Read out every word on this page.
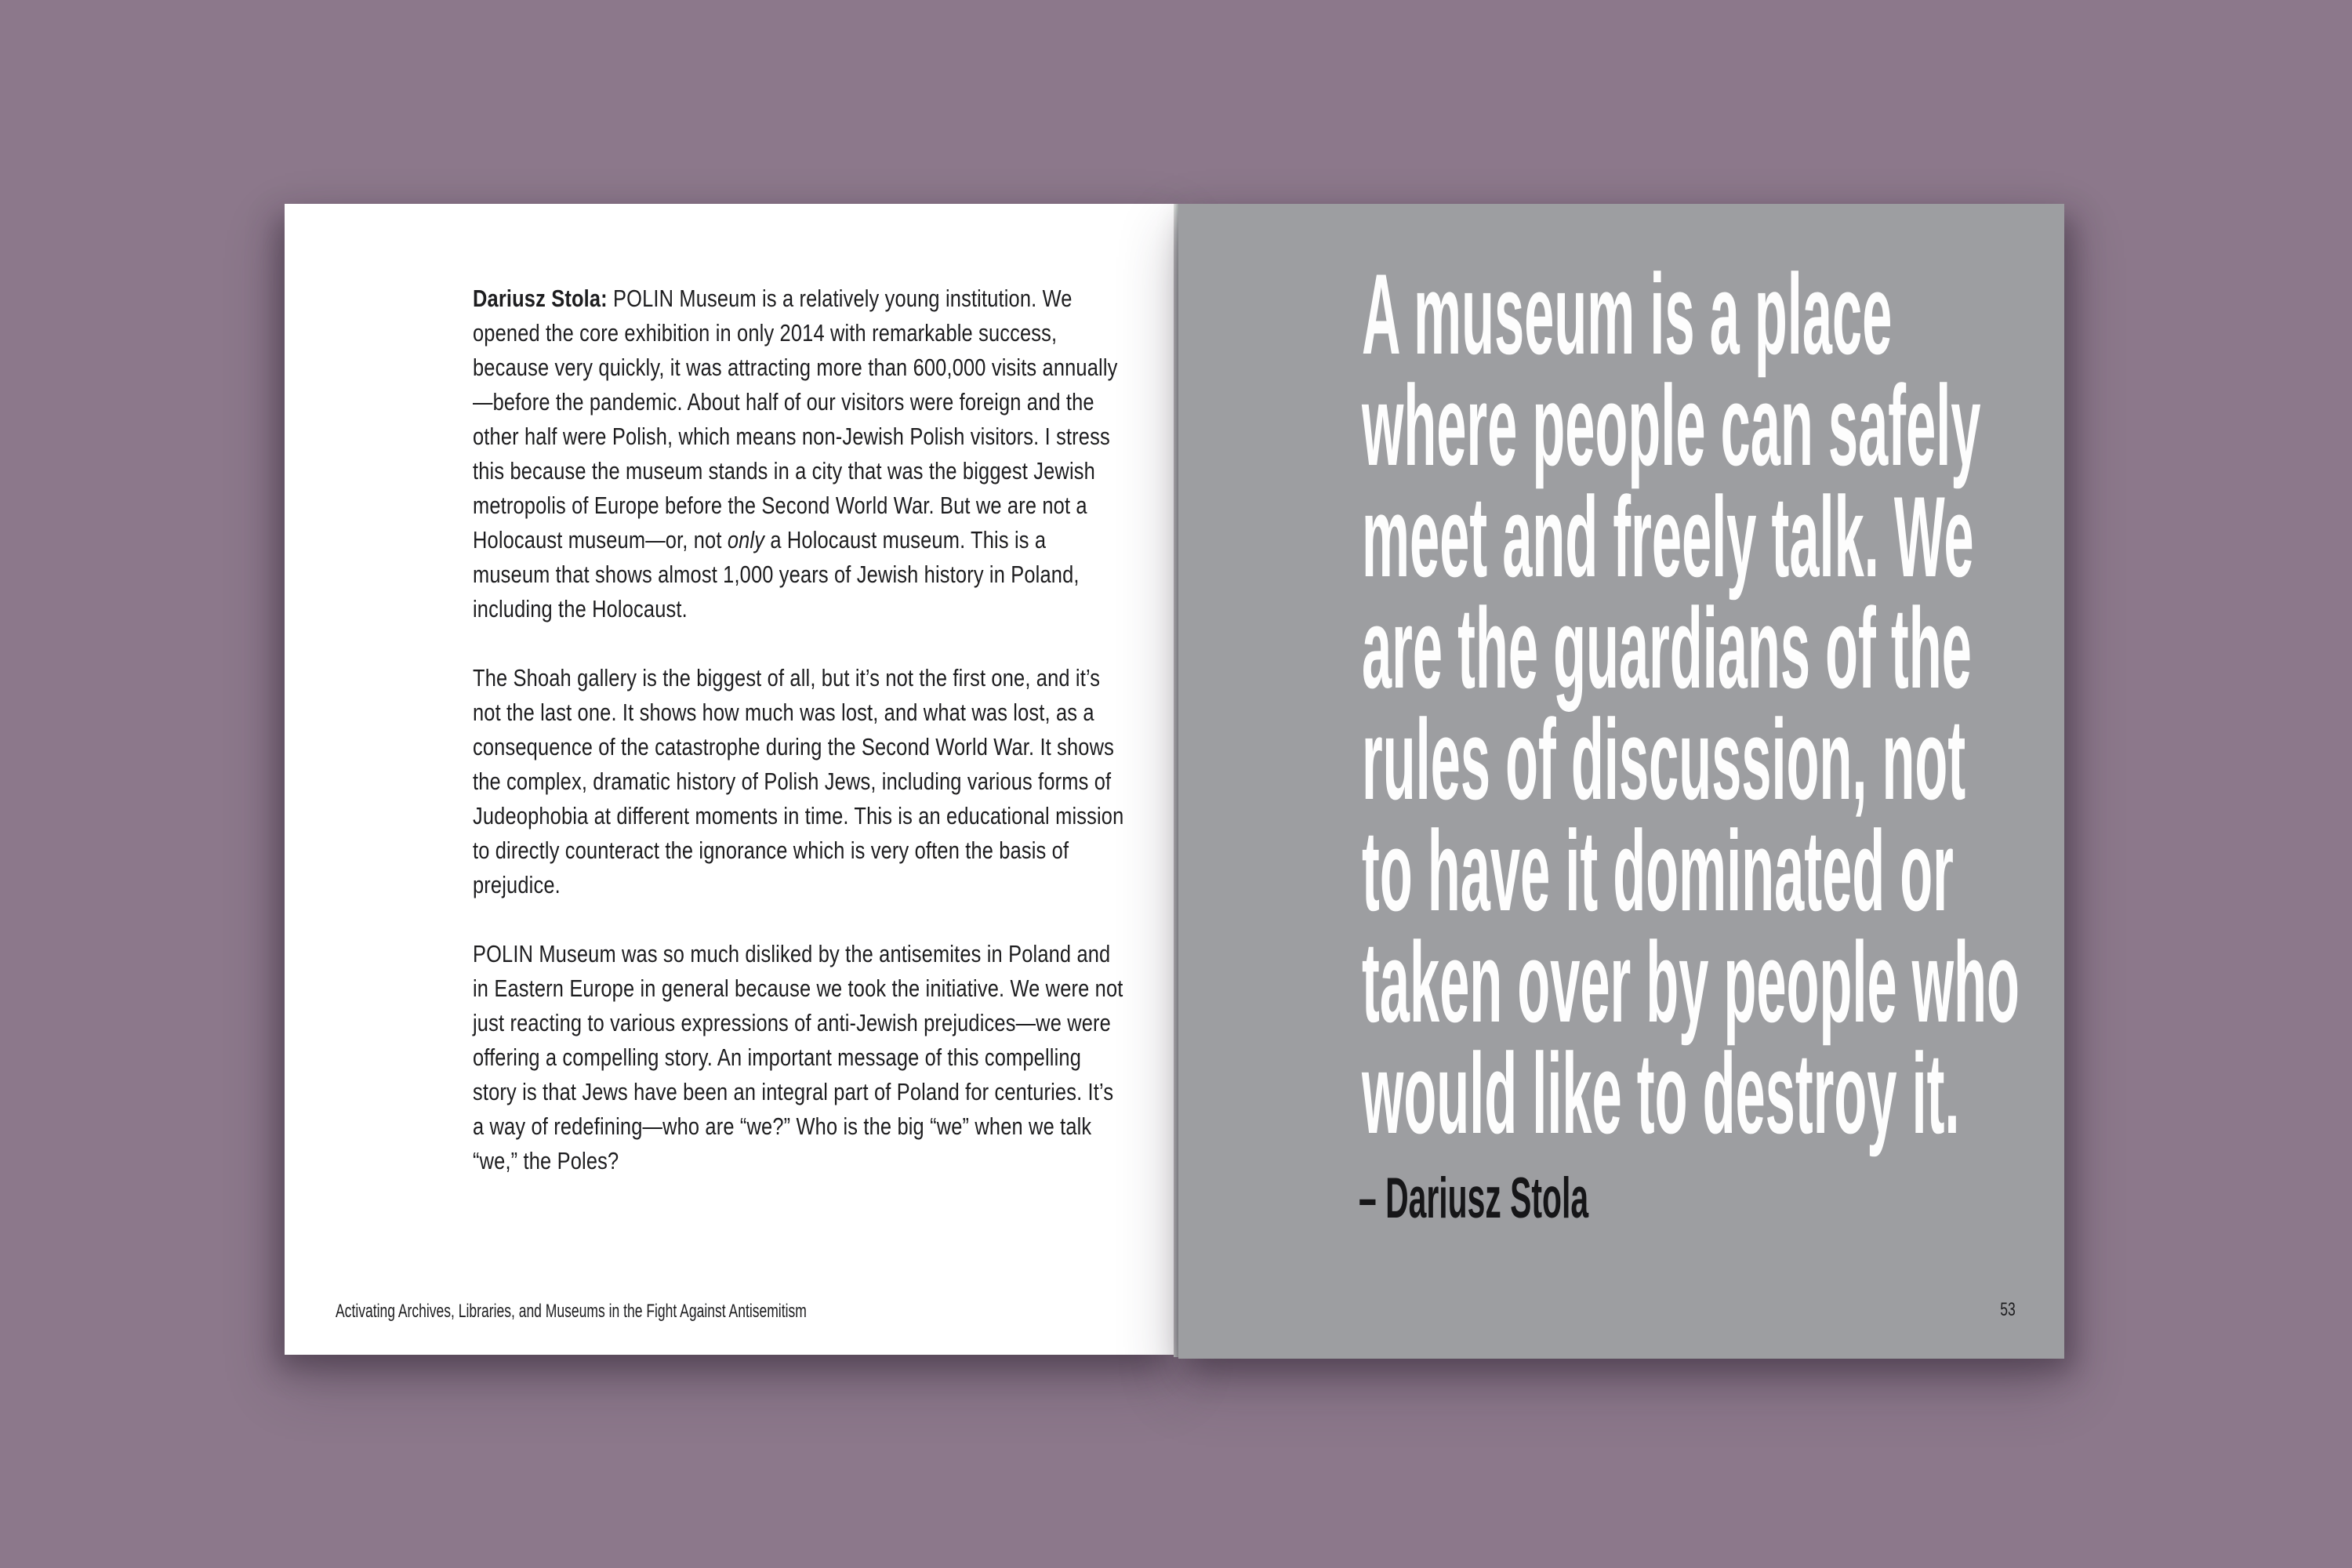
Dariusz Stola: POLIN Museum is a relatively young institution. We opened the core exhibition in only 2014 with remarkable success, because very quickly, it was attracting more than 600,000 visits annually—before the pandemic. About half of our visitors were foreign and the other half were Polish, which means non-Jewish Polish visitors. I stress this because the museum stands in a city that was the biggest Jewish metropolis of Europe before the Second World War. But we are not a Holocaust museum—or, not only a Holocaust museum. This is a museum that shows almost 1,000 years of Jewish history in Poland, including the Holocaust.

The Shoah gallery is the biggest of all, but it’s not the first one, and it’s not the last one. It shows how much was lost, and what was lost, as a consequence of the catastrophe during the Second World War. It shows the complex, dramatic history of Polish Jews, including various forms of Judeophobia at different moments in time. This is an educational mission to directly counteract the ignorance which is very often the basis of prejudice.

POLIN Museum was so much disliked by the antisemites in Poland and in Eastern Europe in general because we took the initiative. We were not just reacting to various expressions of anti-Jewish prejudices—we were offering a compelling story. An important message of this compelling story is that Jews have been an integral part of Poland for centuries. It’s a way of redefining—who are “we?” Who is the big “we” when we talk “we,” the Poles?

Activating Archives, Libraries, and Museums in the Fight Against Antisemitism
A museum is a place
where people can safely
meet and freely talk. We
are the guardians of the
rules of discussion, not
to have it dominated or
taken over by people who
would like to destroy it.
– Dariusz Stola
53
